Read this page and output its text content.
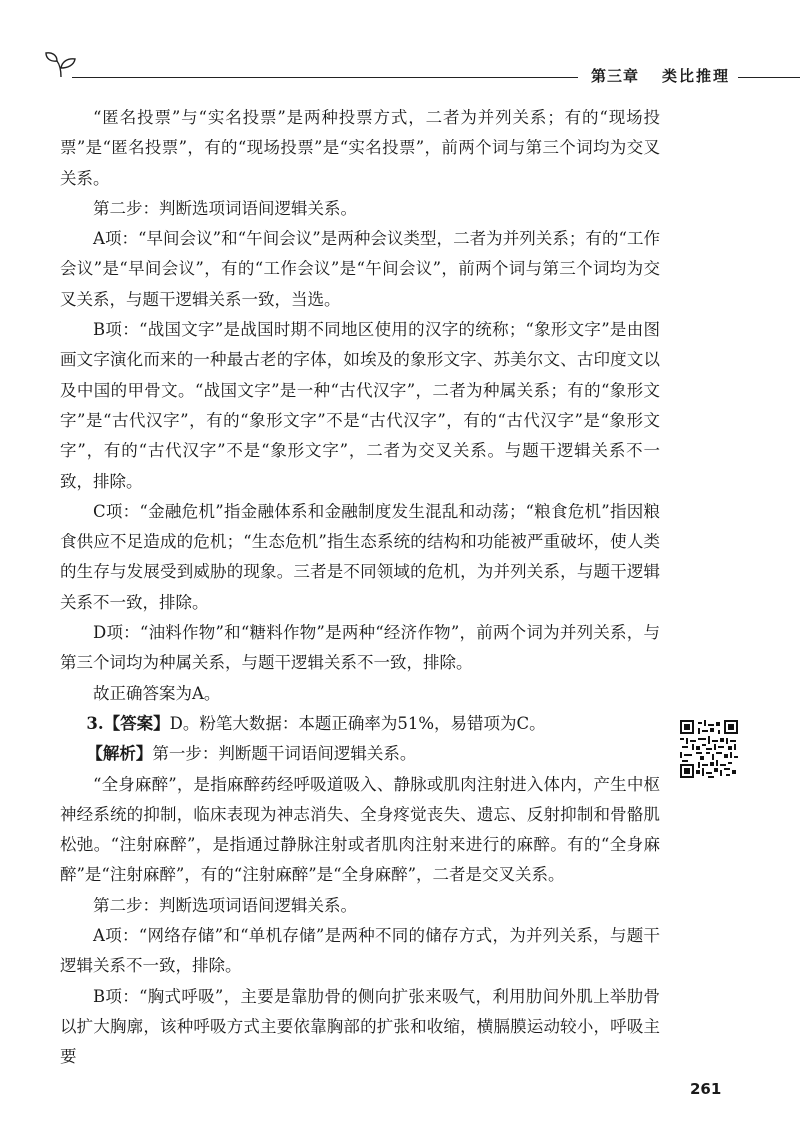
第三章 类比推理

“匿名投票”与“实名投票”是两种投票方式，二者为并列关系；有的“现场投票”是“匿名投票”，有的“现场投票”是“实名投票”，前两个词与第三个词均为交叉关系。

第二步：判断选项词语间逻辑关系。

A项：“早间会议”和“午间会议”是两种会议类型，二者为并列关系；有的“工作会议”是“早间会议”，有的“工作会议”是“午间会议”，前两个词与第三个词均为交叉关系，与题干逻辑关系一致，当选。

B项：“战国文字”是战国时期不同地区使用的汉字的统称；“象形文字”是由图画文字演化而来的一种最古老的字体，如埃及的象形文字、苏美尔文、古印度文以及中国的甲骨文。“战国文字”是一种“古代汉字”，二者为种属关系；有的“象形文字”是“古代汉字”，有的“象形文字”不是“古代汉字”，有的“古代汉字”是“象形文字”，有的“古代汉字”不是“象形文字”，二者为交叉关系。与题干逻辑关系不一致，排除。

C项：“金融危机”指金融体系和金融制度发生混乱和动荡；“粮食危机”指因粮食供应不足造成的危机；“生态危机”指生态系统的结构和功能被严重破坏，使人类的生存与发展受到威胁的现象。三者是不同领域的危机，为并列关系，与题干逻辑关系不一致，排除。

D项：“油料作物”和“糖料作物”是两种“经济作物”，前两个词为并列关系，与第三个词均为种属关系，与题干逻辑关系不一致，排除。

故正确答案为A。

3.【答案】D。粉笔大数据：本题正确率为51%，易错项为C。

【解析】第一步：判断题干词语间逻辑关系。

“全身麻醉”，是指麻醉药经呼吸道吸入、静脉或肌肉注射进入体内，产生中枢神经系统的抑制，临床表现为神志消失、全身疼觉丧失、遗忘、反射抑制和骨骼肌松弛。“注射麻醉”，是指通过静脉注射或者肌肉注射来进行的麻醉。有的“全身麻醉”是“注射麻醉”，有的“注射麻醉”是“全身麻醉”，二者是交叉关系。

第二步：判断选项词语间逻辑关系。

A项：“网络存储”和“单机存储”是两种不同的储存方式，为并列关系，与题干逻辑关系不一致，排除。

B项：“胸式呼吸”，主要是靠肋骨的侧向扩张来吸气，利用肋间外肌上举肋骨以扩大胸廓，该种呼吸方式主要依靠胸部的扩张和收缩，横膈膜运动较小，呼吸主要

261
